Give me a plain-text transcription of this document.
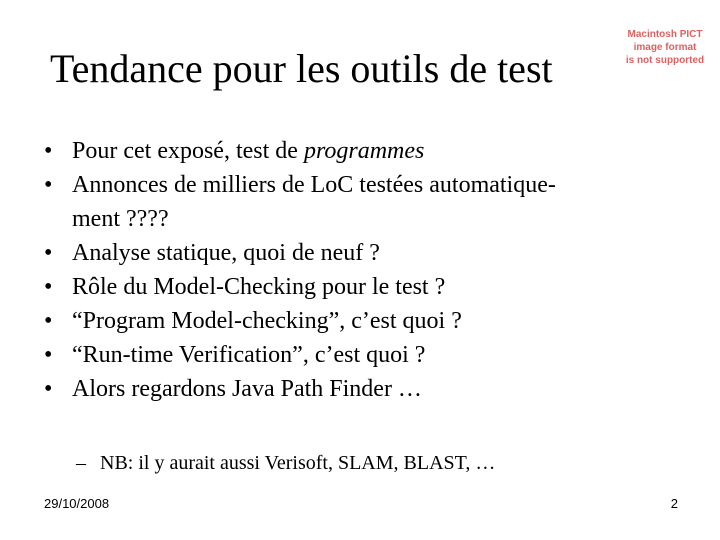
Tendance pour les outils de test
Macintosh PICT
image format
is not supported
• Pour cet exposé, test de programmes
• Annonces de milliers de LoC testées automatique-
ment ????
• Analyse statique, quoi de neuf ?
• Rôle du Model-Checking pour le test ?
• “Program Model-checking”, c’est quoi ?
• “Run-time Verification”, c’est quoi ?
• Alors regardons Java Path Finder …
– NB: il y aurait aussi Verisoft, SLAM, BLAST, …
29/10/2008	2
